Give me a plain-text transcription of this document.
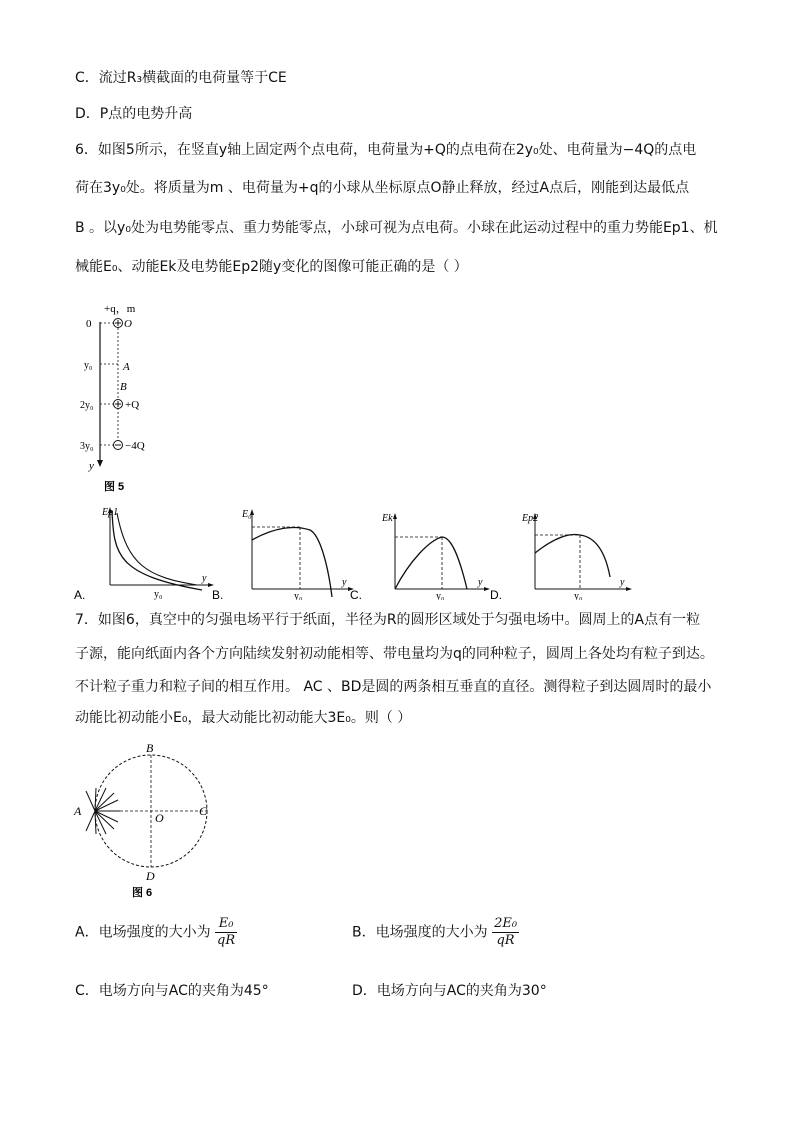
C．流过R₃横截面的电荷量等于CE
D．P点的电势升高
6．如图5所示，在竖直y轴上固定两个点电荷，电荷量为+Q的点电荷在2y₀处、电荷量为−4Q的点电
荷在3y₀处。将质量为m 、电荷量为+q的小球从坐标原点O静止释放，经过A点后，刚能到达最低点
B 。以y₀处为电势能零点、重力势能零点，小球可视为点电荷。小球在此运动过程中的重力势能Ep1、机
械能E₀、动能Ek及电势能Ep2随y变化的图像可能正确的是（ ）
+q，m
0	O
y₀	A
B
2y₀	+Q
3y₀	−4Q
y
图 5
Ep1
y₀
y
A.
E₀
y₀
y
B.
Ek
y₀
y
C.
Ep2
y₀
y
D.
7．如图6，真空中的匀强电场平行于纸面，半径为R的圆形区域处于匀强电场中。圆周上的A点有一粒
子源，能向纸面内各个方向陆续发射初动能相等、带电量均为q的同种粒子，圆周上各处均有粒子到达。
不计粒子重力和粒子间的相互作用。 AC 、BD是圆的两条相互垂直的直径。测得粒子到达圆周时的最小
动能比初动能小E₀，最大动能比初动能大3E₀。则（ ）
B
A	C
O
D
图 6
A．电场强度的大小为 $\frac{\text{E₀}}{qR}$	B．电场强度的大小为 $\frac{\text{2E₀}}{qR}$
C．电场方向与AC的夹角为45°	D．电场方向与AC的夹角为30°
